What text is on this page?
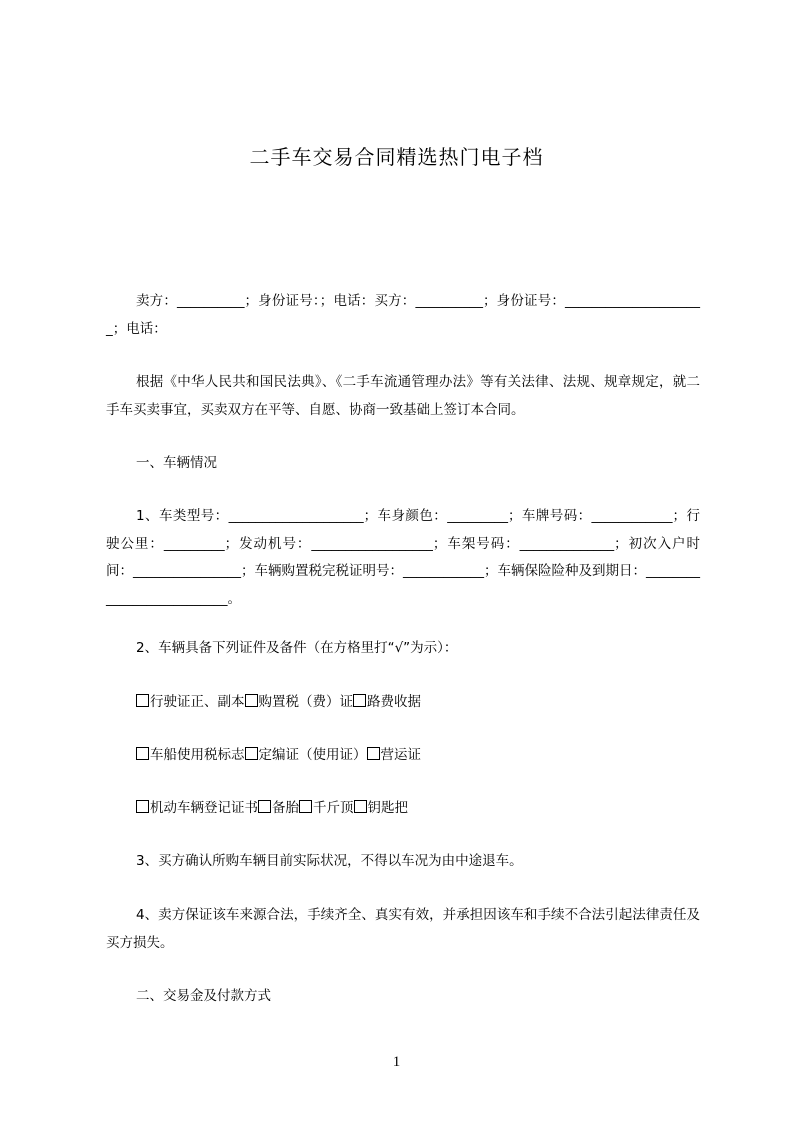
二手车交易合同精选热门电子档
卖方：__________；身份证号：；电话：买方：__________；身份证号：_____________________；电话：
根据《中华人民共和国民法典》、《二手车流通管理办法》等有关法律、法规、规章规定，就二手车买卖事宜，买卖双方在平等、自愿、协商一致基础上签订本合同。
一、车辆情况
1、车类型号：____________________；车身颜色：_________；车牌号码：____________；行驶公里：_________；发动机号：__________________；车架号码：______________；初次入户时间：________________；车辆购置税完税证明号：____________；车辆保险险种及到期日：__________________________。
2、车辆具备下列证件及备件（在方格里打“√”为示）：
行驶证正、副本 购置税（费）证 路费收据
车船使用税标志 定编证（使用证） 营运证
机动车辆登记证书 备胎 千斤顶 钥匙把
3、买方确认所购车辆目前实际状况，不得以车况为由中途退车。
4、卖方保证该车来源合法，手续齐全、真实有效，并承担因该车和手续不合法引起法律责任及买方损失。
二、交易金及付款方式
1
